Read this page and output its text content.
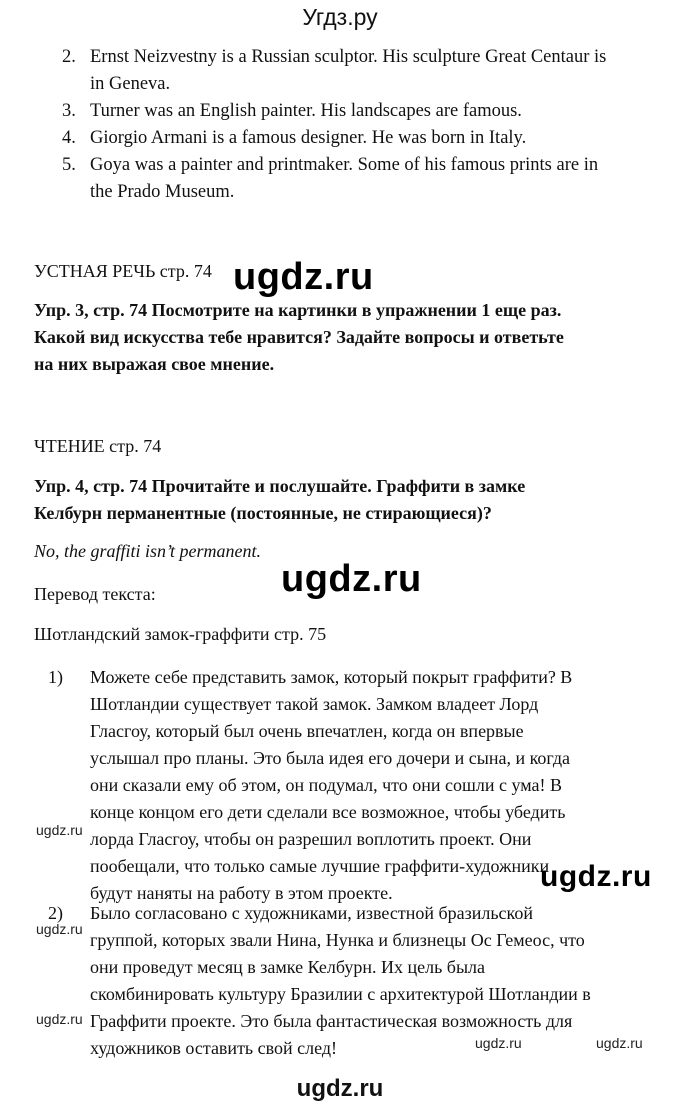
Угдз.ру
2. Ernst Neizvestny is a Russian sculptor. His sculpture Great Centaur is
in Geneva.
3. Turner was an English painter. His landscapes are famous.
4. Giorgio Armani is a famous designer. He was born in Italy.
5. Goya was a painter and printmaker. Some of his famous prints are in
the Prado Museum.
УСТНАЯ РЕЧЬ стр. 74 ugdz.ru
Упр. 3, стр. 74 Посмотрите на картинки в упражнении 1 еще раз.
Какой вид искусства тебе нравится? Задайте вопросы и ответьте
на них выражая свое мнение.
ЧТЕНИЕ стр. 74
Упр. 4, стр. 74 Прочитайте и послушайте. Граффити в замке
Келбурн перманентные (постоянные, не стирающиеся)?
No, the graffiti isn’t permanent.
ugdz.ru
Перевод текста:
Шотландский замок-граффити стр. 75
1)	Можете себе представить замок, который покрыт граффити? В
Шотландии существует такой замок. Замком владеет Лорд
Гласгоу, который был очень впечатлен, когда он впервые
услышал про планы. Это была идея его дочери и сына, и когда
они сказали ему об этом, он подумал, что они сошли с ума! В
конце концом его дети сделали все возможное, чтобы убедить
лорда Гласгоу, чтобы он разрешил воплотить проект. Они
пообещали, что только самые лучшие граффити-художники
будут наняты на работу в этом проекте.
2)	Было согласовано с художниками, известной бразильской
группой, которых звали Нина, Нунка и близнецы Ос Гемеос, что
они проведут месяц в замке Келбурн. Их цель была
скомбинировать культуру Бразилии с архитектурой Шотландии в
Граффити проекте. Это была фантастическая возможность для
художников оставить свой след!
ugdz.ru
ugdz.ru
ugdz.ru
ugdz.ru
ugdz.ru	ugdz.ru
ugdz.ru
